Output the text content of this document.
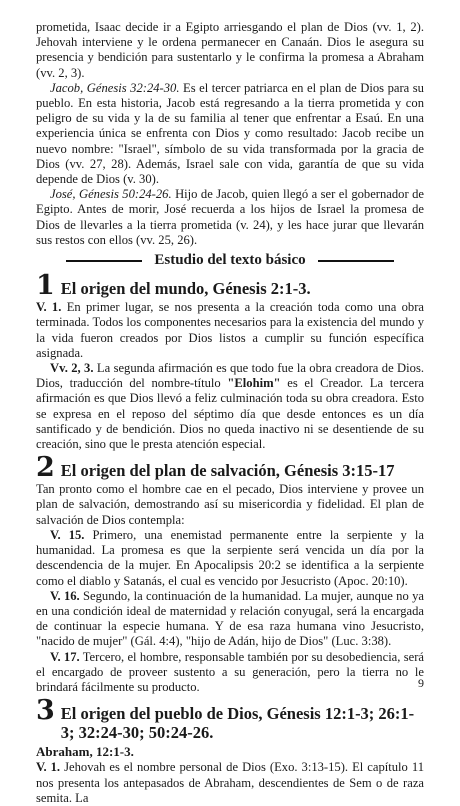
prometida, Isaac decide ir a Egipto arriesgando el plan de Dios (vv. 1, 2). Jehovah interviene y le ordena permanecer en Canaán. Dios le asegura su presencia y bendición para sustentarlo y le confirma la promesa a Abraham (vv. 2, 3).

Jacob, Génesis 32:24-30. Es el tercer patriarca en el plan de Dios para su pueblo. En esta historia, Jacob está regresando a la tierra prometida y con peligro de su vida y la de su familia al tener que enfrentar a Esaú. En una experiencia única se enfrenta con Dios y como resultado: Jacob recibe un nuevo nombre: "Israel", símbolo de su vida transformada por la gracia de Dios (vv. 27, 28). Además, Israel sale con vida, garantía de que su vida depende de Dios (v. 30).

José, Génesis 50:24-26. Hijo de Jacob, quien llegó a ser el gobernador de Egipto. Antes de morir, José recuerda a los hijos de Israel la promesa de Dios de llevarles a la tierra prometida (v. 24), y les hace jurar que llevarán sus restos con ellos (vv. 25, 26).

Estudio del texto básico
1 El origen del mundo, Génesis 2:1-3.

V. 1. En primer lugar, se nos presenta a la creación toda como una obra terminada. Todos los componentes necesarios para la existencia del mundo y la vida fueron creados por Dios listos a cumplir su función específica asignada.

Vv. 2, 3. La segunda afirmación es que todo fue la obra creadora de Dios. Dios, traducción del nombre-título "Elohim" es el Creador. La tercera afirmación es que Dios llevó a feliz culminación toda su obra creadora. Esto se expresa en el reposo del séptimo día que desde entonces es un día santificado y de bendición. Dios no queda inactivo ni se desentiende de su creación, sino que le presta atención especial.

2 El origen del plan de salvación, Génesis 3:15-17

Tan pronto como el hombre cae en el pecado, Dios interviene y provee un plan de salvación, demostrando así su misericordia y fidelidad. El plan de salvación de Dios contempla:

V. 15. Primero, una enemistad permanente entre la serpiente y la humanidad. La promesa es que la serpiente será vencida un día por la descendencia de la mujer. En Apocalipsis 20:2 se identifica a la serpiente como el diablo y Satanás, el cual es vencido por Jesucristo (Apoc. 20:10).

V. 16. Segundo, la continuación de la humanidad. La mujer, aunque no ya en una condición ideal de maternidad y relación conyugal, será la encargada de continuar la especie humana. Y de esa raza humana vino Jesucristo, "nacido de mujer" (Gál. 4:4), "hijo de Adán, hijo de Dios" (Luc. 3:38).

V. 17. Tercero, el hombre, responsable también por su desobediencia, será el encargado de proveer sustento a su generación, pero la tierra no le brindará fácilmente su producto.

3 El origen del pueblo de Dios, Génesis 12:1-3; 26:1-3; 32:24-30; 50:24-26.
Abraham, 12:1-3.

V. 1. Jehovah es el nombre personal de Dios (Exo. 3:13-15). El capítulo 11 nos presenta los antepasados de Abraham, descendientes de Sem o de raza semita. La

9
